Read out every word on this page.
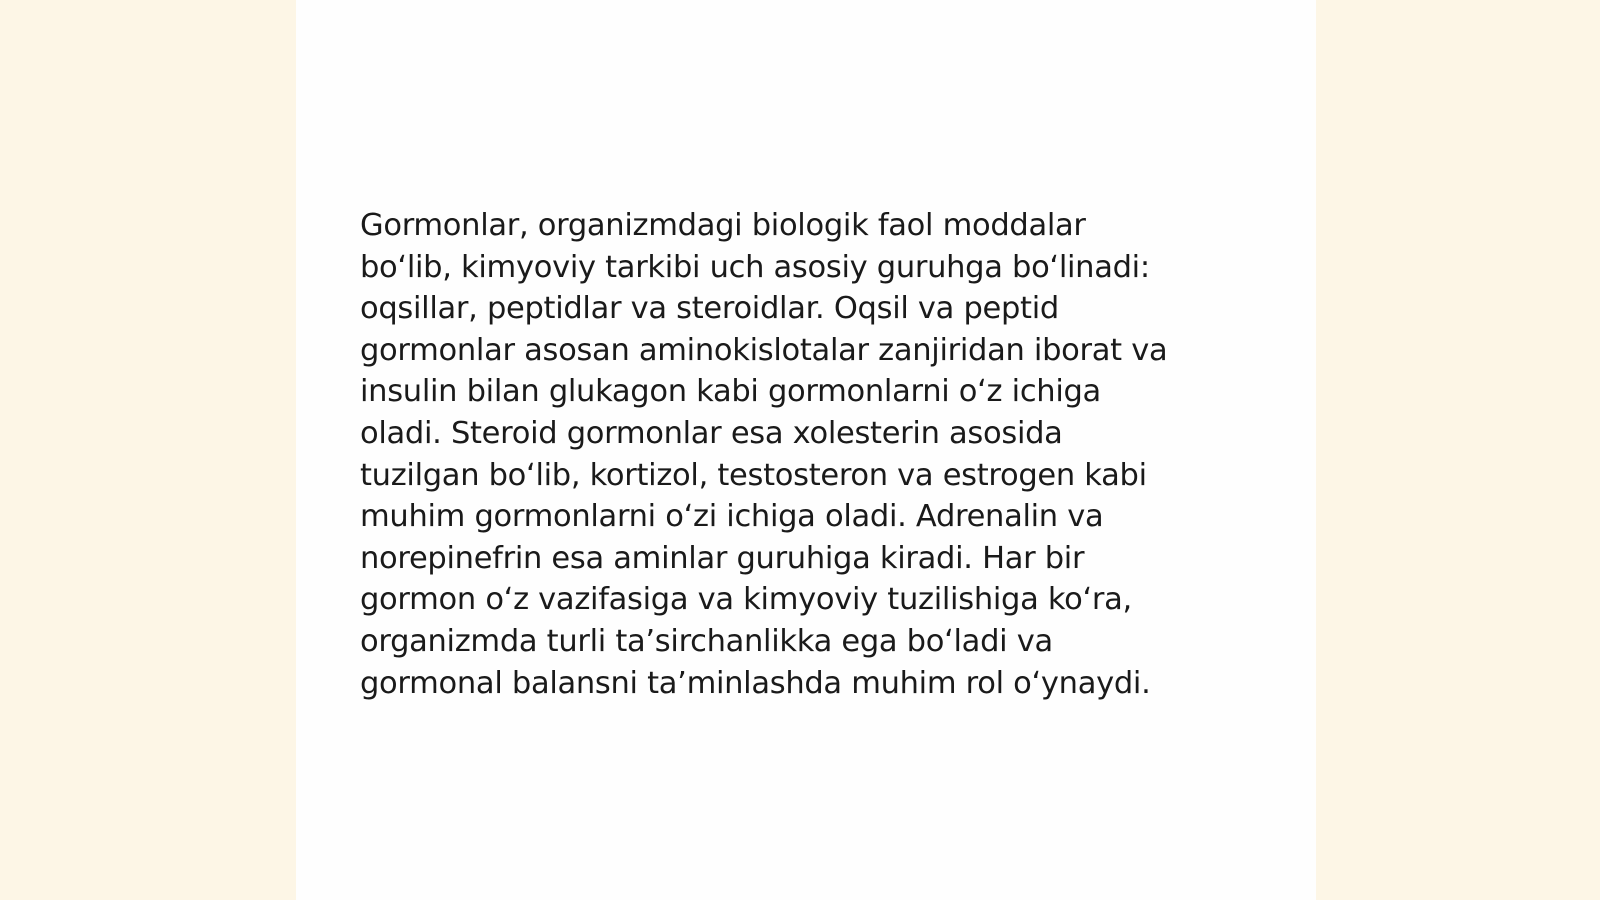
Gormonlar, organizmdagi biologik faol moddalar
bo‘lib, kimyoviy tarkibi uch asosiy guruhga bo‘linadi:
oqsillar, peptidlar va steroidlar. Oqsil va peptid
gormonlar asosan aminokislotalar zanjiridan iborat va
insulin bilan glukagon kabi gormonlarni o‘z ichiga
oladi. Steroid gormonlar esa xolesterin asosida
tuzilgan bo‘lib, kortizol, testosteron va estrogen kabi
muhim gormonlarni o‘zi ichiga oladi. Adrenalin va
norepinefrin esa aminlar guruhiga kiradi. Har bir
gormon o‘z vazifasiga va kimyoviy tuzilishiga ko‘ra,
organizmda turli ta’sirchanlikka ega bo‘ladi va
gormonal balansni ta’minlashda muhim rol o‘ynaydi.
